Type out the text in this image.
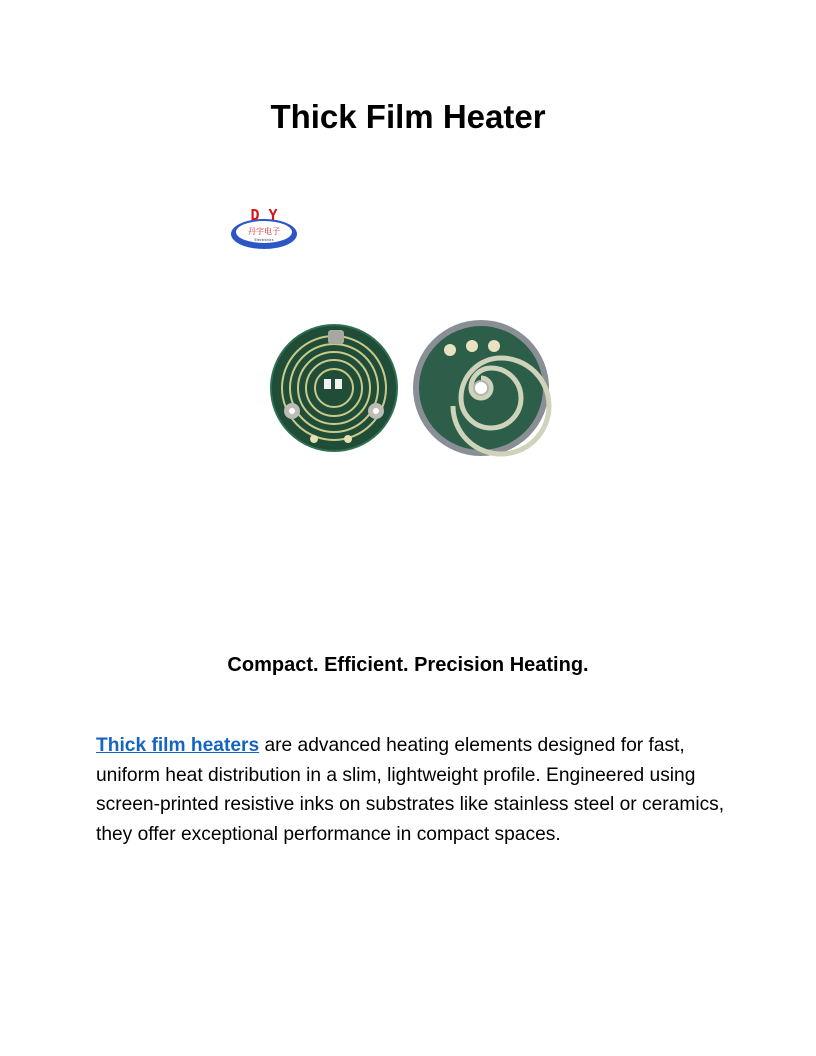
Thick Film Heater
D Y
丹宇电子
Electronics

Compact. Efficient. Precision Heating.

Thick film heaters are advanced heating elements designed for fast, uniform heat distribution in a slim, lightweight profile. Engineered using screen-printed resistive inks on substrates like stainless steel or ceramics, they offer exceptional performance in compact spaces.
